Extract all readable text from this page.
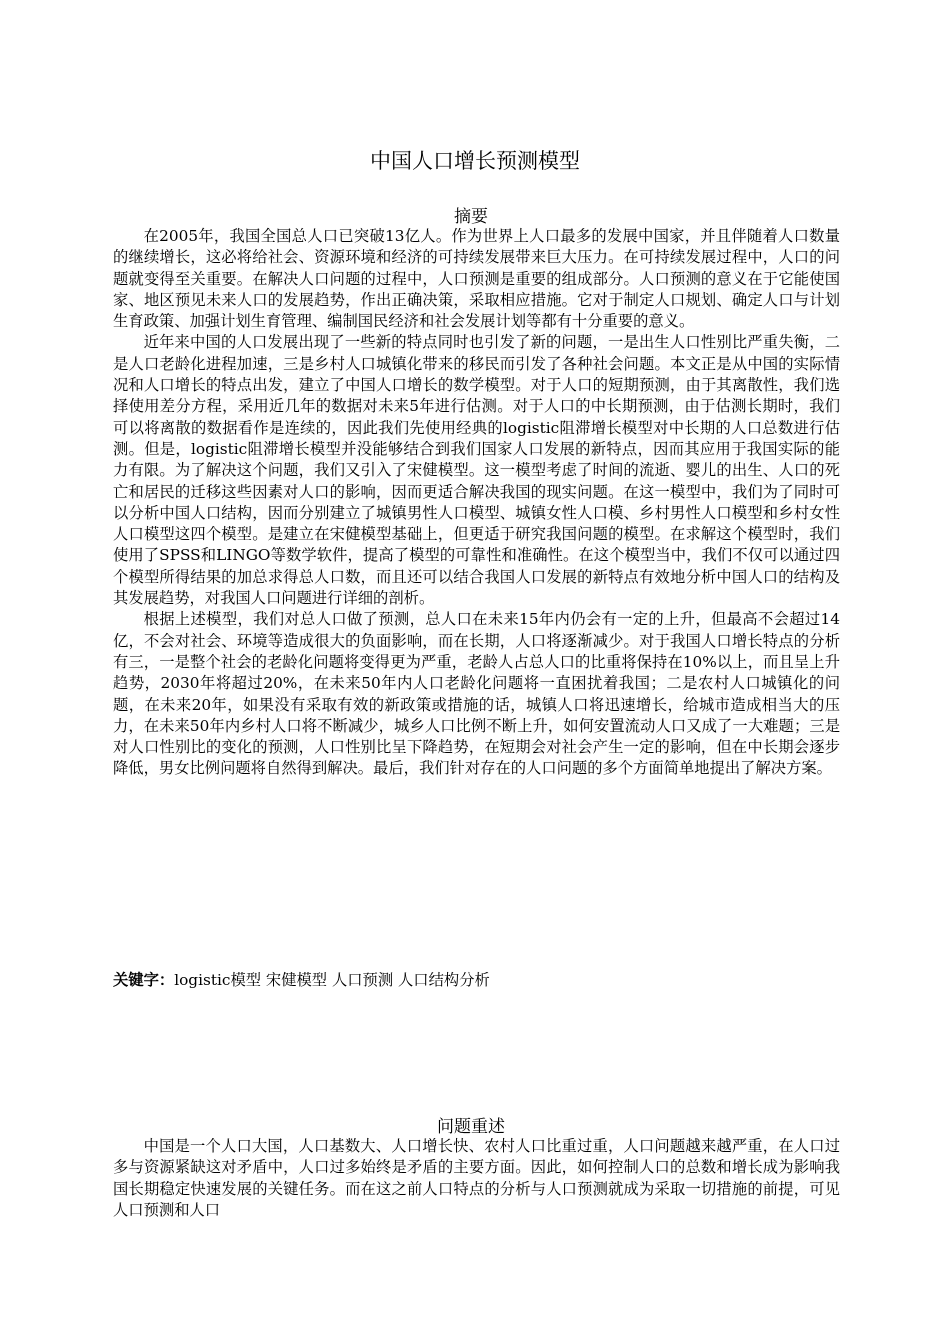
中国人口增长预测模型
摘要

在2005年，我国全国总人口已突破13亿人。作为世界上人口最多的发展中国家，并且伴随着人口数量的继续增长，这必将给社会、资源环境和经济的可持续发展带来巨大压力。在可持续发展过程中，人口的问题就变得至关重要。在解决人口问题的过程中，人口预测是重要的组成部分。人口预测的意义在于它能使国家、地区预见未来人口的发展趋势，作出正确决策，采取相应措施。它对于制定人口规划、确定人口与计划生育政策、加强计划生育管理、编制国民经济和社会发展计划等都有十分重要的意义。

近年来中国的人口发展出现了一些新的特点同时也引发了新的问题，一是出生人口性别比严重失衡，二是人口老龄化进程加速，三是乡村人口城镇化带来的移民而引发了各种社会问题。本文正是从中国的实际情况和人口增长的特点出发，建立了中国人口增长的数学模型。对于人口的短期预测，由于其离散性，我们选择使用差分方程，采用近几年的数据对未来5年进行估测。对于人口的中长期预测，由于估测长期时，我们可以将离散的数据看作是连续的，因此我们先使用经典的logistic阻滞增长模型对中长期的人口总数进行估测。但是，logistic阻滞增长模型并没能够结合到我们国家人口发展的新特点，因而其应用于我国实际的能力有限。为了解决这个问题，我们又引入了宋健模型。这一模型考虑了时间的流逝、婴儿的出生、人口的死亡和居民的迁移这些因素对人口的影响，因而更适合解决我国的现实问题。在这一模型中，我们为了同时可以分析中国人口结构，因而分别建立了城镇男性人口模型、城镇女性人口模、乡村男性人口模型和乡村女性人口模型这四个模型。是建立在宋健模型基础上，但更适于研究我国问题的模型。在求解这个模型时，我们使用了SPSS和LINGO等数学软件，提高了模型的可靠性和准确性。在这个模型当中，我们不仅可以通过四个模型所得结果的加总求得总人口数，而且还可以结合我国人口发展的新特点有效地分析中国人口的结构及其发展趋势，对我国人口问题进行详细的剖析。

根据上述模型，我们对总人口做了预测，总人口在未来15年内仍会有一定的上升，但最高不会超过14亿，不会对社会、环境等造成很大的负面影响，而在长期，人口将逐渐减少。对于我国人口增长特点的分析有三，一是整个社会的老龄化问题将变得更为严重，老龄人占总人口的比重将保持在10%以上，而且呈上升趋势，2030年将超过20%，在未来50年内人口老龄化问题将一直困扰着我国；二是农村人口城镇化的问题，在未来20年，如果没有采取有效的新政策或措施的话，城镇人口将迅速增长，给城市造成相当大的压力，在未来50年内乡村人口将不断减少，城乡人口比例不断上升，如何安置流动人口又成了一大难题；三是对人口性别比的变化的预测，人口性别比呈下降趋势，在短期会对社会产生一定的影响，但在中长期会逐步降低，男女比例问题将自然得到解决。最后，我们针对存在的人口问题的多个方面简单地提出了解决方案。

关键字：logistic模型 宋健模型 人口预测 人口结构分析
问题重述

中国是一个人口大国，人口基数大、人口增长快、农村人口比重过重，人口问题越来越严重，在人口过多与资源紧缺这对矛盾中，人口过多始终是矛盾的主要方面。因此，如何控制人口的总数和增长成为影响我国长期稳定快速发展的关键任务。而在这之前人口特点的分析与人口预测就成为采取一切措施的前提，可见人口预测和人口
